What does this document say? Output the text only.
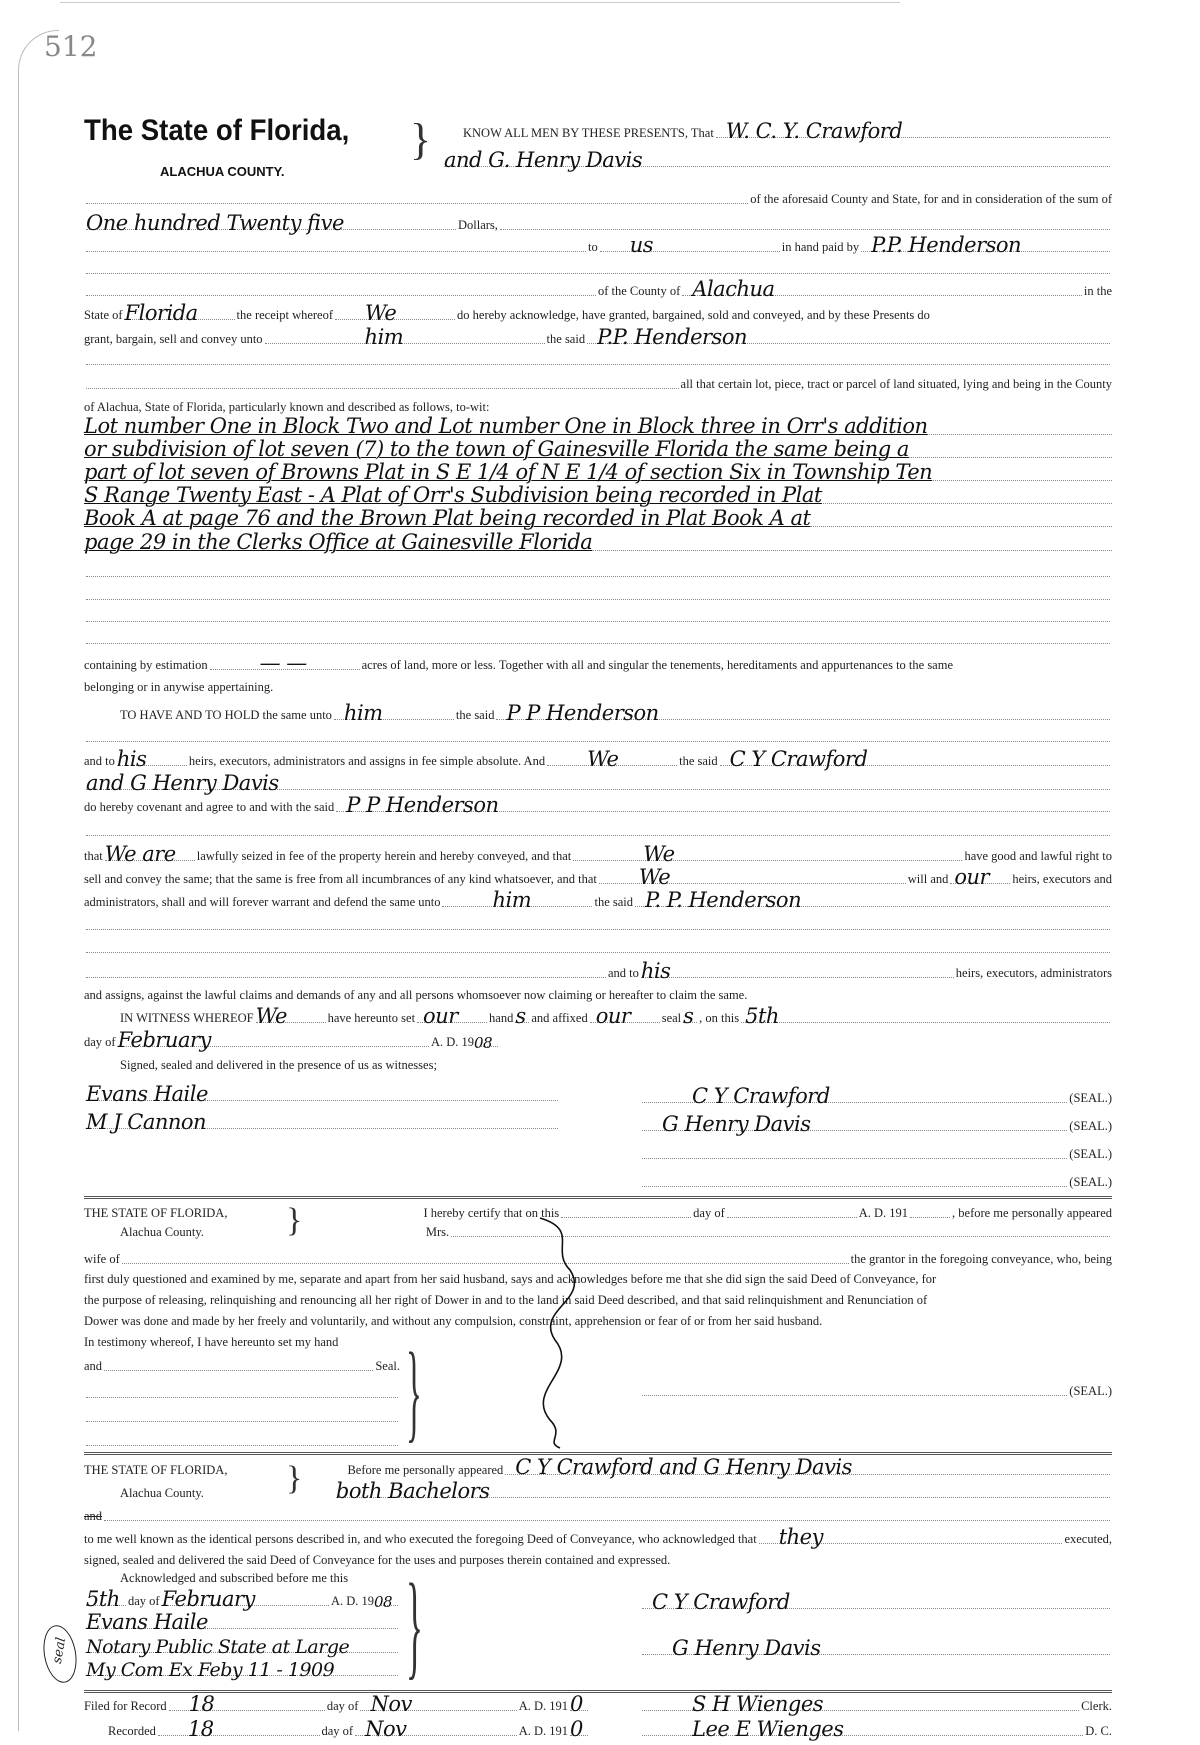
512
The State of Florida,
ALACHUA COUNTY.
}	KNOW ALL MEN BY THESE PRESENTS, That W. C. Y. Crawford
and G. Henry Davis
of the aforesaid County and State, for and in consideration of the sum of
One hundred Twenty five	Dollars,
to us	in hand paid by P.P. Henderson
of the County of Alachua	in the
State of Florida	the receipt whereof We	do hereby acknowledge, have granted, bargained, sold and conveyed, and by these Presents do
grant, bargain, sell and convey unto	him	the said P.P. Henderson
all that certain lot, piece, tract or parcel of land situated, lying and being in the County
of Alachua, State of Florida, particularly known and described as follows, to-wit:
Lot number One in Block Two and Lot number One in Block three in Orr's addition
or subdivision of lot seven (7) to the town of Gainesville Florida the same being a
part of lot seven of Browns Plat in S E 1/4 of N E 1/4 of section Six in Township Ten
S Range Twenty East - A Plat of Orr's Subdivision being recorded in Plat
Book A at page 76 and the Brown Plat being recorded in Plat Book A at
page 29 in the Clerks Office at Gainesville Florida
containing by estimation — —	acres of land, more or less. Together with all and singular the tenements, hereditaments and appurtenances to the same
belonging or in anywise appertaining.
TO HAVE AND TO HOLD the same unto him	the said P P Henderson
and to his	heirs, executors, administrators and assigns in fee simple absolute. And We	the said C Y Crawford
and G Henry Davis
do hereby covenant and agree to and with the said P P Henderson
that We are lawfully seized in fee of the property herein and hereby conveyed, and that	We	have good and lawful right to
sell and convey the same; that the same is free from all incumbrances of any kind whatsoever, and that We	will and our heirs, executors and
administrators, shall and will forever warrant and defend the same unto him	the said P. P. Henderson
and to his	heirs, executors, administrators
and assigns, against the lawful claims and demands of any and all persons whomsoever now claiming or hereafter to claim the same.
IN WITNESS WHEREOF We	have hereunto set our	hand s and affixed our	seal s , on this 5th
day of February	A. D. 19 08
Signed, sealed and delivered in the presence of us as witnesses;
Evans Haile
M J Cannon
C Y Crawford	(SEAL.)
G Henry Davis	(SEAL.)
(SEAL.)
(SEAL.)
THE STATE OF FLORIDA,	I hereby certify that on this	day of	A. D. 191	, before me personally appeared
}
Alachua County.	Mrs.
wife of	the grantor in the foregoing conveyance, who, being
first duly questioned and examined by me, separate and apart from her said husband, says and acknowledges before me that she did sign the said Deed of Conveyance, for
the purpose of releasing, relinquishing and renouncing all her right of Dower in and to the land in said Deed described, and that said relinquishment and Renunciation of
Dower was done and made by her freely and voluntarily, and without any compulsion, constraint, apprehension or fear of or from her said husband.
In testimony whereof, I have hereunto set my hand
and	Seal. }	(SEAL.)
THE STATE OF FLORIDA,	Before me personally appeared C Y Crawford and G Henry Davis
}
Alachua County.	both Bachelors
and
to me well known as the identical persons described in, and who executed the foregoing Deed of Conveyance, who acknowledged that they	executed,
signed, sealed and delivered the said Deed of Conveyance for the uses and purposes therein contained and expressed.
Acknowledged and subscribed before me this
5th day of February	A. D. 19 08
Evans Haile
Notary Public State at Large
My Com Ex Feby 11 - 1909 }
seal
C Y Crawford
G Henry Davis
Filed for Record 18	day of Nov	A. D. 191 0
Recorded 18	day of Nov	A. D. 191 0
S H Wienges	Clerk.
Lee E Wienges	D. C.
